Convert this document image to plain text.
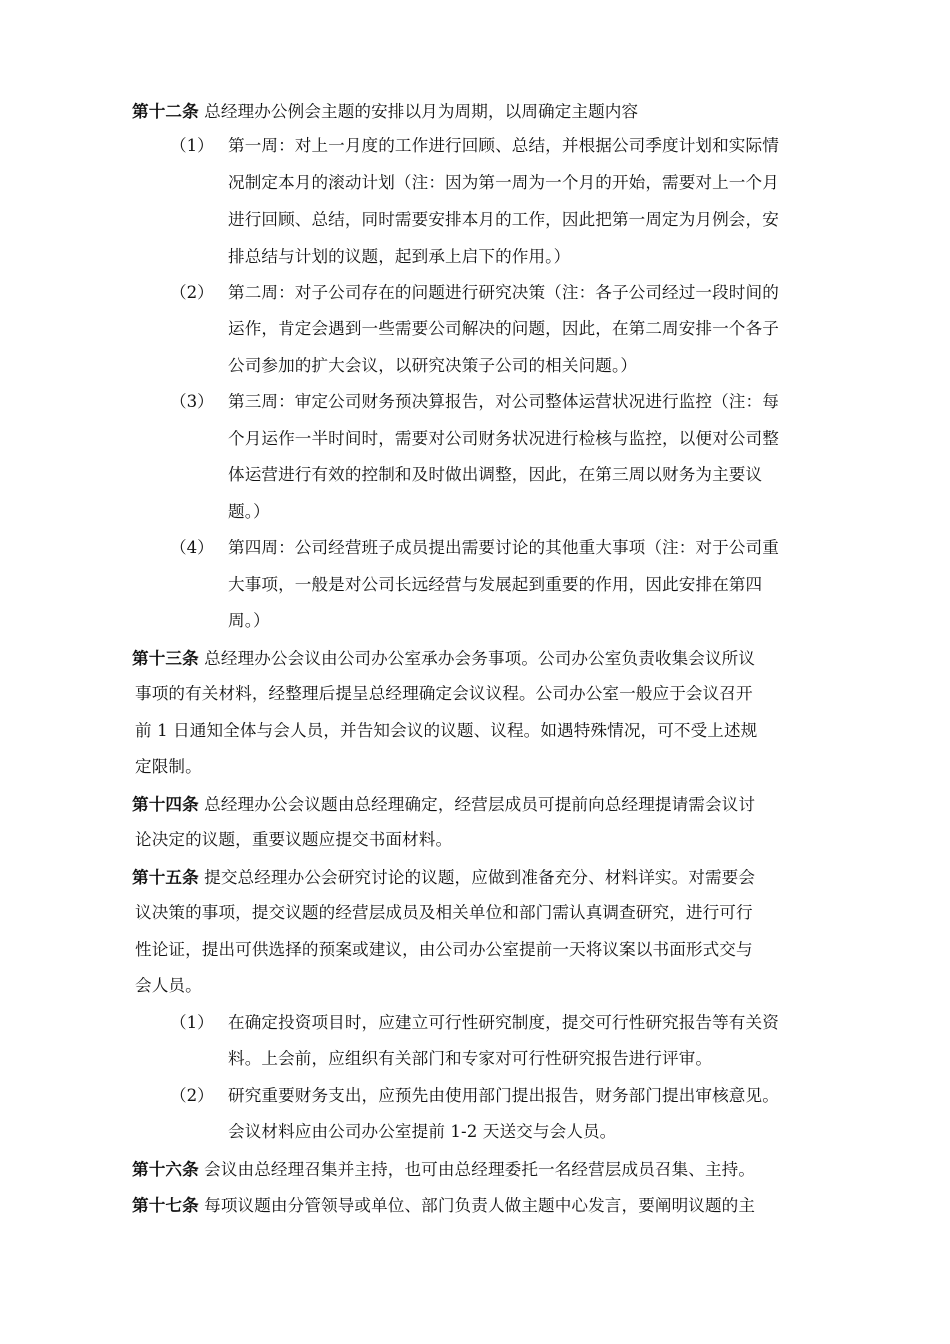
第十二条 总经理办公例会主题的安排以月为周期，以周确定主题内容
（1） 第一周：对上一月度的工作进行回顾、总结，并根据公司季度计划和实际情
况制定本月的滚动计划（注：因为第一周为一个月的开始，需要对上一个月
进行回顾、总结，同时需要安排本月的工作，因此把第一周定为月例会，安
排总结与计划的议题，起到承上启下的作用。）
（2） 第二周：对子公司存在的问题进行研究决策（注：各子公司经过一段时间的
运作，肯定会遇到一些需要公司解决的问题，因此，在第二周安排一个各子
公司参加的扩大会议，以研究决策子公司的相关问题。）
（3） 第三周：审定公司财务预决算报告，对公司整体运营状况进行监控（注：每
个月运作一半时间时，需要对公司财务状况进行检核与监控，以便对公司整
体运营进行有效的控制和及时做出调整，因此，在第三周以财务为主要议
题。）
（4） 第四周：公司经营班子成员提出需要讨论的其他重大事项（注：对于公司重
大事项，一般是对公司长远经营与发展起到重要的作用，因此安排在第四
周。）
第十三条 总经理办公会议由公司办公室承办会务事项。公司办公室负责收集会议所议
事项的有关材料，经整理后提呈总经理确定会议议程。公司办公室一般应于会议召开
前 1 日通知全体与会人员，并告知会议的议题、议程。如遇特殊情况，可不受上述规
定限制。
第十四条 总经理办公会议题由总经理确定，经营层成员可提前向总经理提请需会议讨
论决定的议题，重要议题应提交书面材料。
第十五条 提交总经理办公会研究讨论的议题，应做到准备充分、材料详实。对需要会
议决策的事项，提交议题的经营层成员及相关单位和部门需认真调查研究，进行可行
性论证，提出可供选择的预案或建议，由公司办公室提前一天将议案以书面形式交与
会人员。
（1） 在确定投资项目时，应建立可行性研究制度，提交可行性研究报告等有关资
料。上会前，应组织有关部门和专家对可行性研究报告进行评审。
（2） 研究重要财务支出，应预先由使用部门提出报告，财务部门提出审核意见。
会议材料应由公司办公室提前 1-2 天送交与会人员。
第十六条 会议由总经理召集并主持，也可由总经理委托一名经营层成员召集、主持。
第十七条 每项议题由分管领导或单位、部门负责人做主题中心发言，要阐明议题的主
